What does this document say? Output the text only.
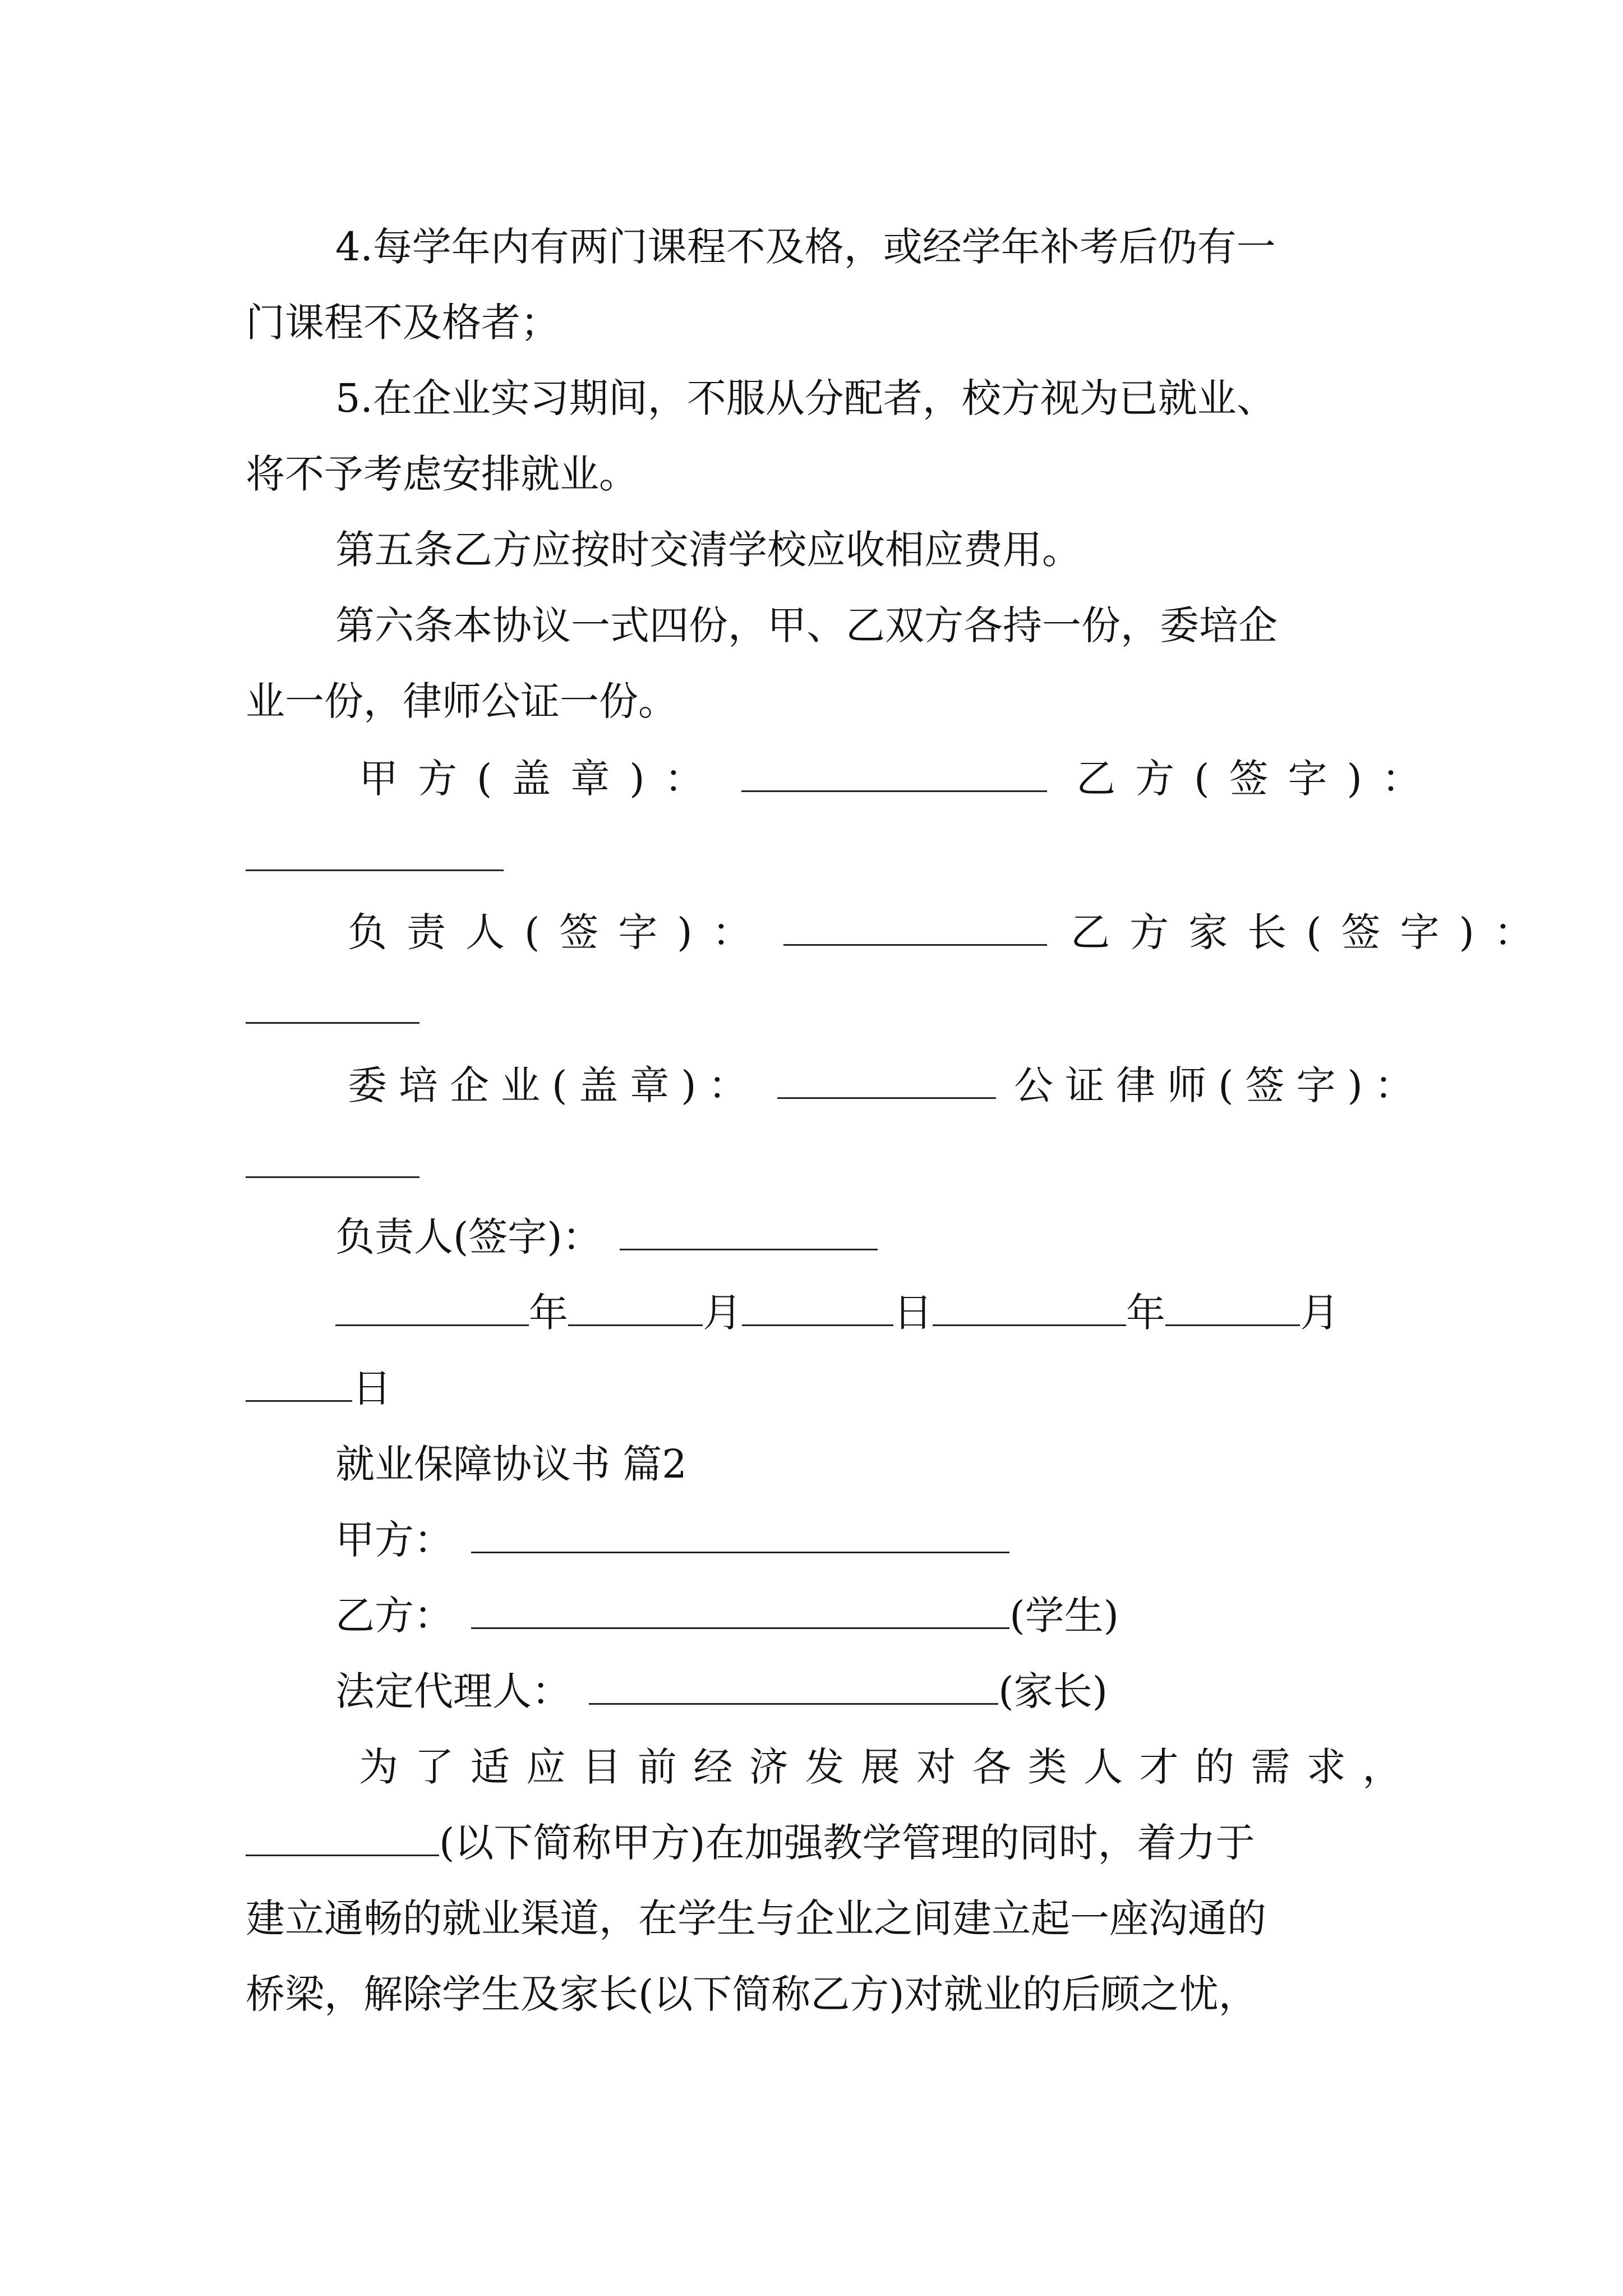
4.每学年内有两门课程不及格，或经学年补考后仍有一
门课程不及格者；
5.在企业实习期间，不服从分配者，校方视为已就业、
将不予考虑安排就业。
第五条乙方应按时交清学校应收相应费用。
第六条本协议一式四份，甲、乙双方各持一份，委培企
业一份，律师公证一份。
甲方(盖章)：	乙方(签字)：
负责人(签字)：	乙方家长(签字)：
委培企业(盖章)：	公证律师(签字)：
负责人(签字)：
年	月	日	年	月
日
就业保障协议书 篇2
甲方：
乙方：	(学生)
法定代理人：	(家长)
为了适应目前经济发展对各类人才的需求，
(以下简称甲方)在加强教学管理的同时，着力于
建立通畅的就业渠道，在学生与企业之间建立起一座沟通的
桥梁，解除学生及家长(以下简称乙方)对就业的后顾之忧，
